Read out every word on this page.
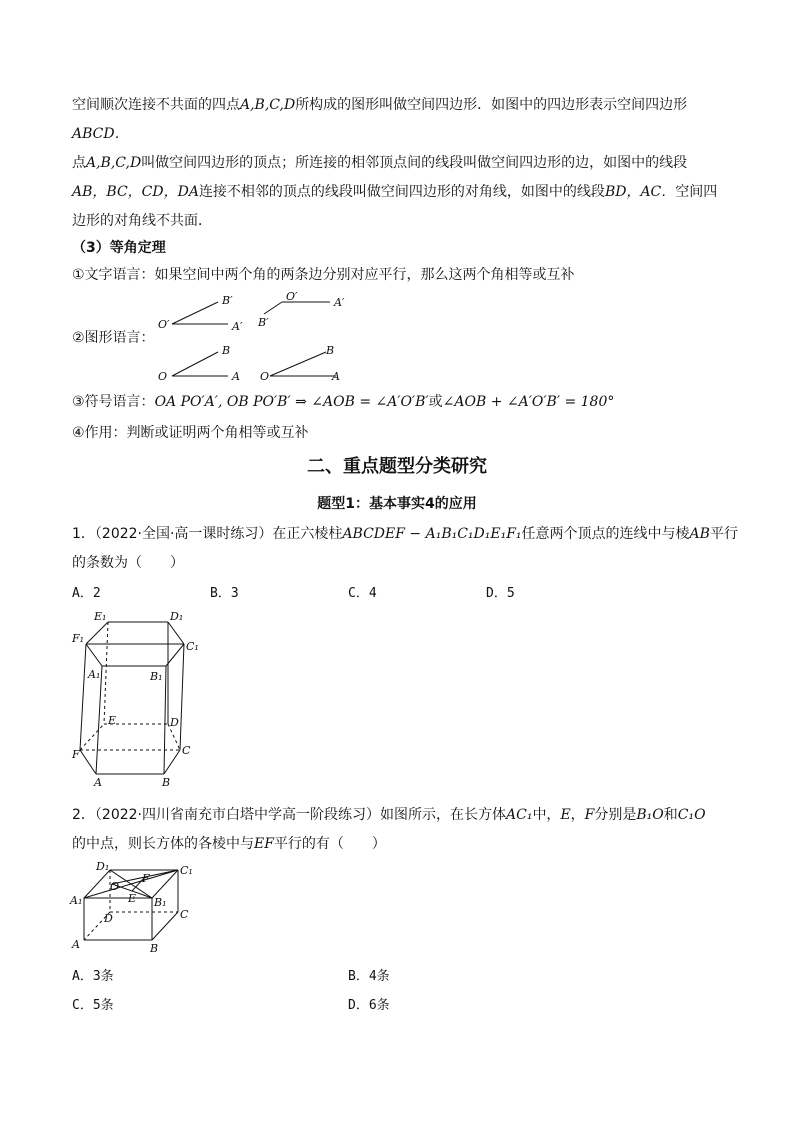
空间顺次连接不共面的四点A,B,C,D所构成的图形叫做空间四边形．如图中的四边形表示空间四边形
ABCD．
点A,B,C,D叫做空间四边形的顶点；所连接的相邻顶点间的线段叫做空间四边形的边，如图中的线段
AB，BC，CD，DA连接不相邻的顶点的线段叫做空间四边形的对角线，如图中的线段BD，AC．空间四
边形的对角线不共面．
（3）等角定理
①文字语言：如果空间中两个角的两条边分别对应平行，那么这两个角相等或互补
②图形语言：
B′
O′	A′
O′	A′
B′
B
O	A
B
O	A
③符号语言：OA PO′A′, OB PO′B′ ⇒ ∠AOB = ∠A′O′B′或∠AOB + ∠A′O′B′ = 180°
④作用：判断或证明两个角相等或互补
二、重点题型分类研究
题型1：基本事实4的应用
1．（2022·全国·高一课时练习）在正六棱柱ABCDEF − A₁B₁C₁D₁E₁F₁任意两个顶点的连线中与棱AB平行
的条数为（　　）
A．2	B．3	C．4	D．5
E₁	D₁
F₁
C₁
A₁	B₁
E	D
F	C
A	B
2．（2022·四川省南充市白塔中学高一阶段练习）如图所示，在长方体AC₁中，E，F分别是B₁O和C₁O
的中点，则长方体的各棱中与EF平行的有（　　）
D₁	C₁
A₁	B₁
O
F
E
D	C
A	B
A．3条	B．4条
C．5条	D．6条
